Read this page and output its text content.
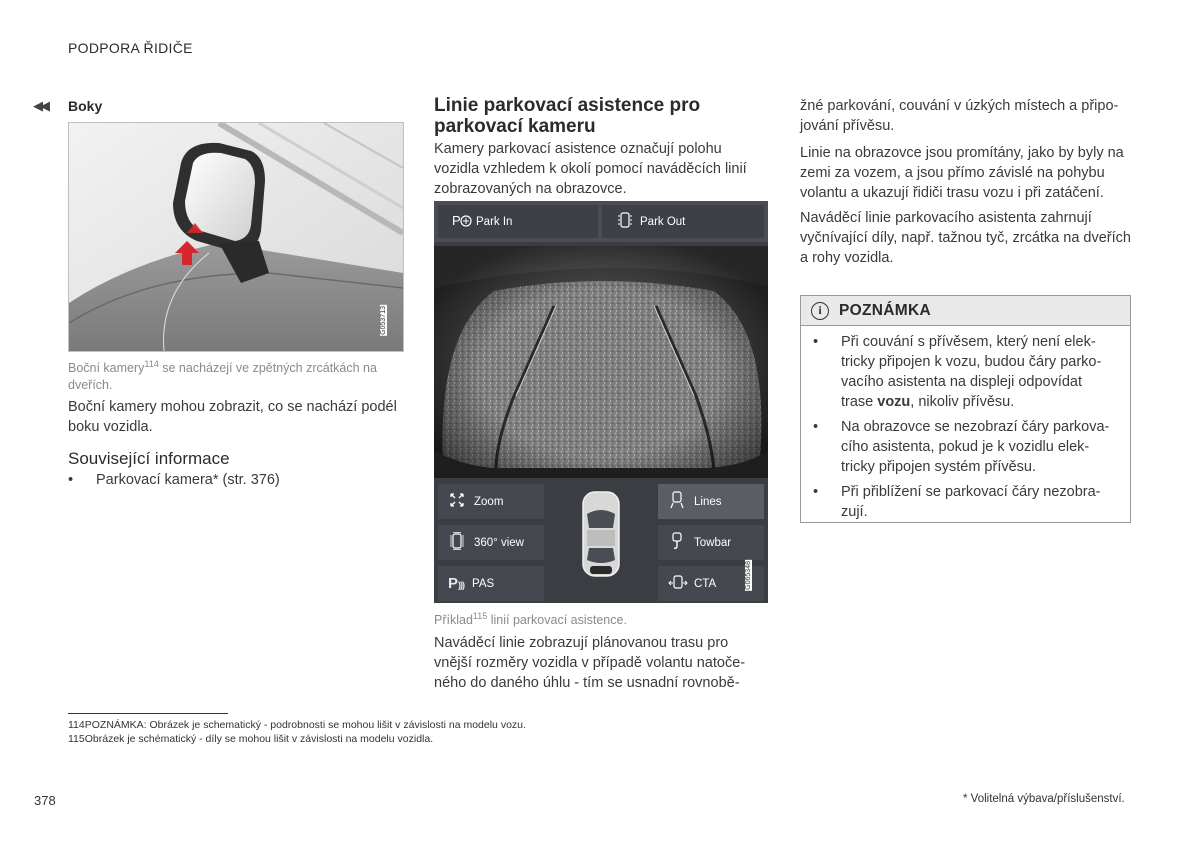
PODPORA ŘIDIČE
◀◀ Boky
G053713
Boční kamery$^{114}$ se nacházejí ve zpětných zrcátkách na dveřích.
Boční kamery mohou zobrazit, co se nachází podél boku vozidla.
Související informace
•	Parkovací kamera* (str. 376)
Linie parkovací asistence pro parkovací kameru
Kamery parkovací asistence označují polohu vozidla vzhledem k okolí pomocí naváděcích linií zobrazovaných na obrazovce.
P Park In	Park Out
Zoom
360° view
P))) PAS
Lines
Towbar
CTA	G065348
Příklad$^{115}$ linií parkovací asistence.
Naváděcí linie zobrazují plánovanou trasu pro
vnější rozměry vozidla v případě volantu natoče-
ného do daného úhlu - tím se usnadní rovnobě-
žné parkování, couvání v úzkých místech a připo-
jování přívěsu.
Linie na obrazovce jsou promítány, jako by byly na zemi za vozem, a jsou přímo závislé na pohybu volantu a ukazují řidiči trasu vozu i při zatáčení.
Naváděcí linie parkovacího asistenta zahrnují vyčnívající díly, např. tažnou tyč, zrcátka na dveřích a rohy vozidla.
i	POZNÁMKA
•	Při couvání s přívěsem, který není elek-tricky připojen k vozu, budou čáry parko-vacího asistenta na displeji odpovídat trase vozu, nikoliv přívěsu.
•	Na obrazovce se nezobrazí čáry parkova-cího asistenta, pokud je k vozidlu elek-tricky připojen systém přívěsu.
•	Při přiblížení se parkovací čáry nezobra-zují.
114POZNÁMKA: Obrázek je schematický - podrobnosti se mohou lišit v závislosti na modelu vozu.
115Obrázek je schématický - díly se mohou lišit v závislosti na modelu vozidla.
378	* Volitelná výbava/příslušenství.
